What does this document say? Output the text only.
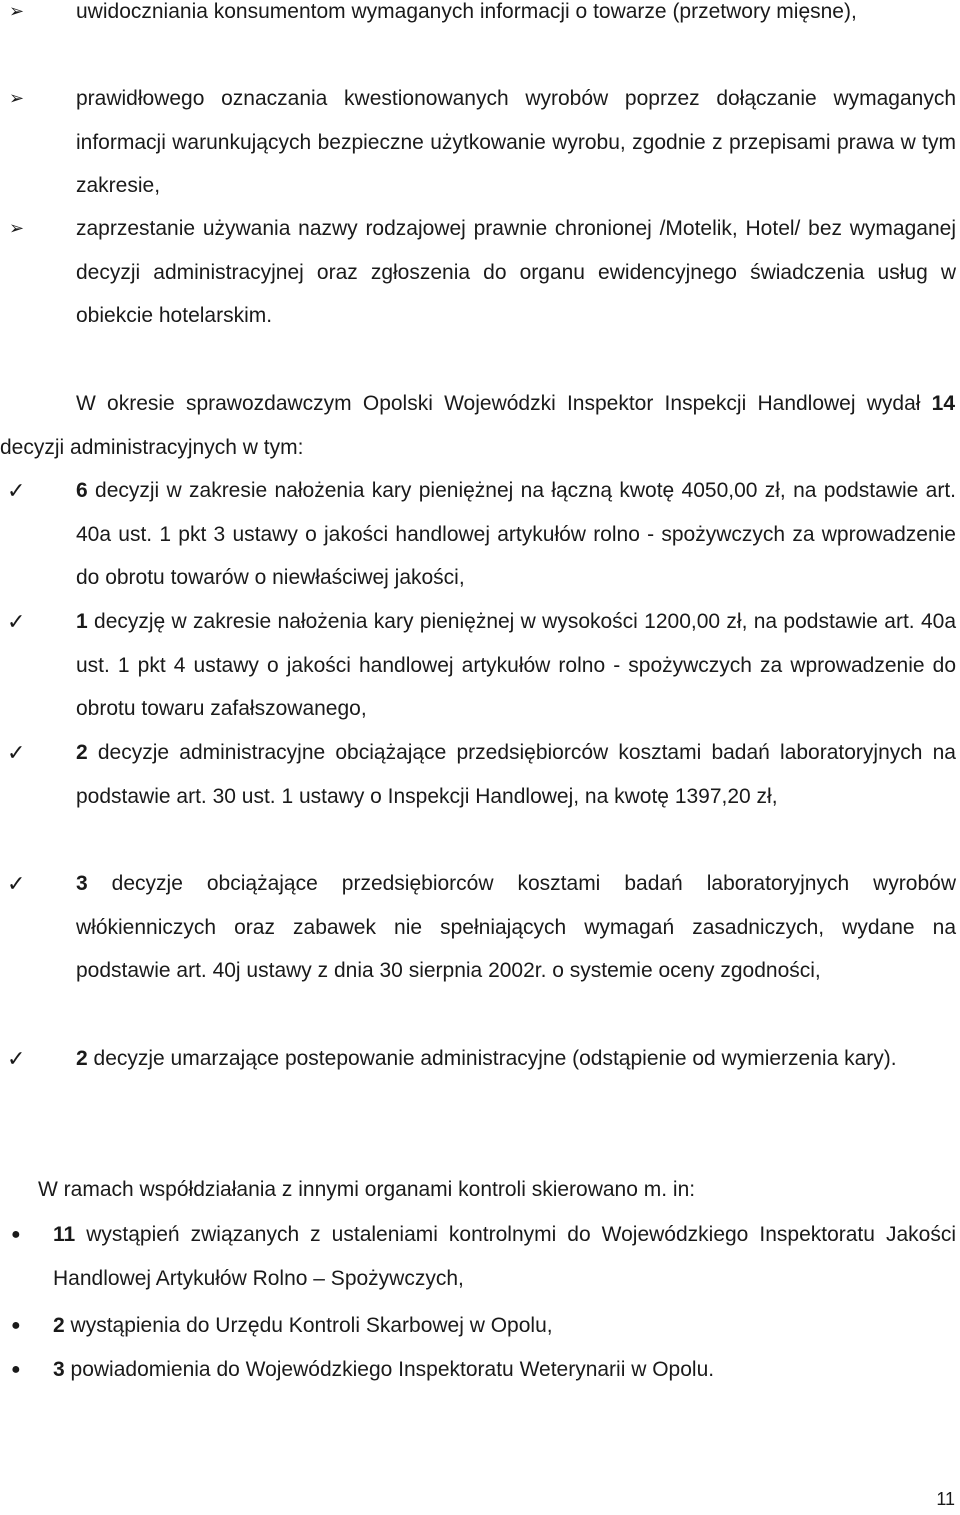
➢ uwidoczniania konsumentom wymaganych informacji o towarze (przetwory mięsne),
➢ prawidłowego oznaczania kwestionowanych wyrobów poprzez dołączanie wymaganych informacji warunkujących bezpieczne użytkowanie wyrobu, zgodnie z przepisami prawa w tym zakresie,
➢ zaprzestanie używania nazwy rodzajowej prawnie chronionej /Motelik, Hotel/ bez wymaganej decyzji administracyjnej oraz zgłoszenia do organu ewidencyjnego świadczenia usług w obiekcie hotelarskim.
W okresie sprawozdawczym Opolski Wojewódzki Inspektor Inspekcji Handlowej wydał 14 decyzji administracyjnych w tym:
✓ 6 decyzji w zakresie nałożenia kary pieniężnej na łączną kwotę 4050,00 zł, na podstawie art. 40a ust. 1 pkt 3 ustawy o jakości handlowej artykułów rolno - spożywczych za wprowadzenie do obrotu towarów o niewłaściwej jakości,
✓ 1 decyzję w zakresie nałożenia kary pieniężnej w wysokości 1200,00 zł, na podstawie art. 40a ust. 1 pkt 4 ustawy o jakości handlowej artykułów rolno - spożywczych za wprowadzenie do obrotu towaru zafałszowanego,
✓ 2 decyzje administracyjne obciążające przedsiębiorców kosztami badań laboratoryjnych na podstawie art. 30 ust. 1 ustawy o Inspekcji Handlowej, na kwotę 1397,20 zł,
✓ 3 decyzje obciążające przedsiębiorców kosztami badań laboratoryjnych wyrobów włókienniczych oraz zabawek nie spełniających wymagań zasadniczych, wydane na podstawie art. 40j ustawy z dnia 30 sierpnia 2002r. o systemie oceny zgodności,
✓ 2 decyzje umarzające postepowanie administracyjne (odstąpienie od wymierzenia kary).
W ramach współdziałania z innymi organami kontroli skierowano m. in:
● 11 wystąpień związanych z ustaleniami kontrolnymi do Wojewódzkiego Inspektoratu Jakości Handlowej Artykułów Rolno – Spożywczych,
● 2 wystąpienia do Urzędu Kontroli Skarbowej w Opolu,
● 3 powiadomienia do Wojewódzkiego Inspektoratu Weterynarii w Opolu.
11
